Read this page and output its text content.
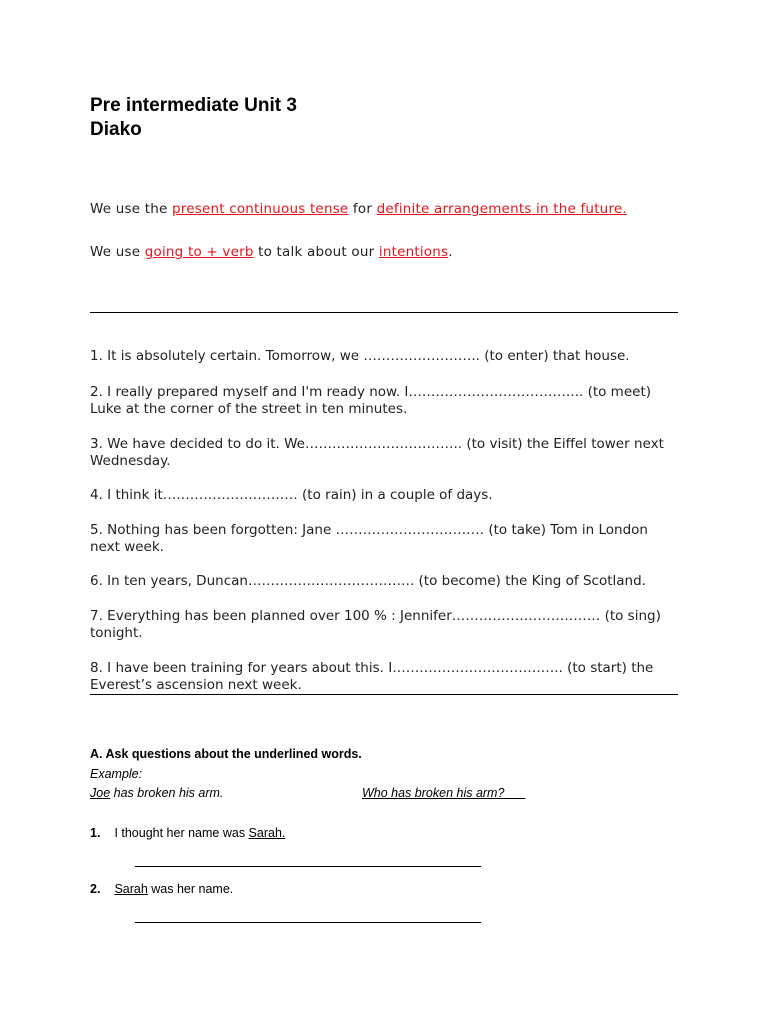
Pre intermediate Unit 3
Diako
We use the present continuous tense for definite arrangements in the future.
We use going to + verb to talk about our intentions.
1. It is absolutely certain. Tomorrow, we …………………….. (to enter) that house.
2. I really prepared myself and I'm ready now. I………………………………... (to meet) Luke at the corner of the street in ten minutes.
3. We have decided to do it. We…………………………….. (to visit) the Eiffel tower next Wednesday.
4. I think it………………………… (to rain) in a couple of days.
5. Nothing has been forgotten: Jane …………………………… (to take) Tom in London next week.
6. In ten years, Duncan………………………………. (to become) the King of Scotland.
7. Everything has been planned over 100 % : Jennifer…………………………… (to sing) tonight.
8. I have been training for years about this. I……………………………….. (to start) the Everest’s ascension next week.
A. Ask questions about the underlined words.
Example:
Joe has broken his arm.	Who has broken his arm?
1. I thought her name was Sarah.
2. Sarah was her name.
